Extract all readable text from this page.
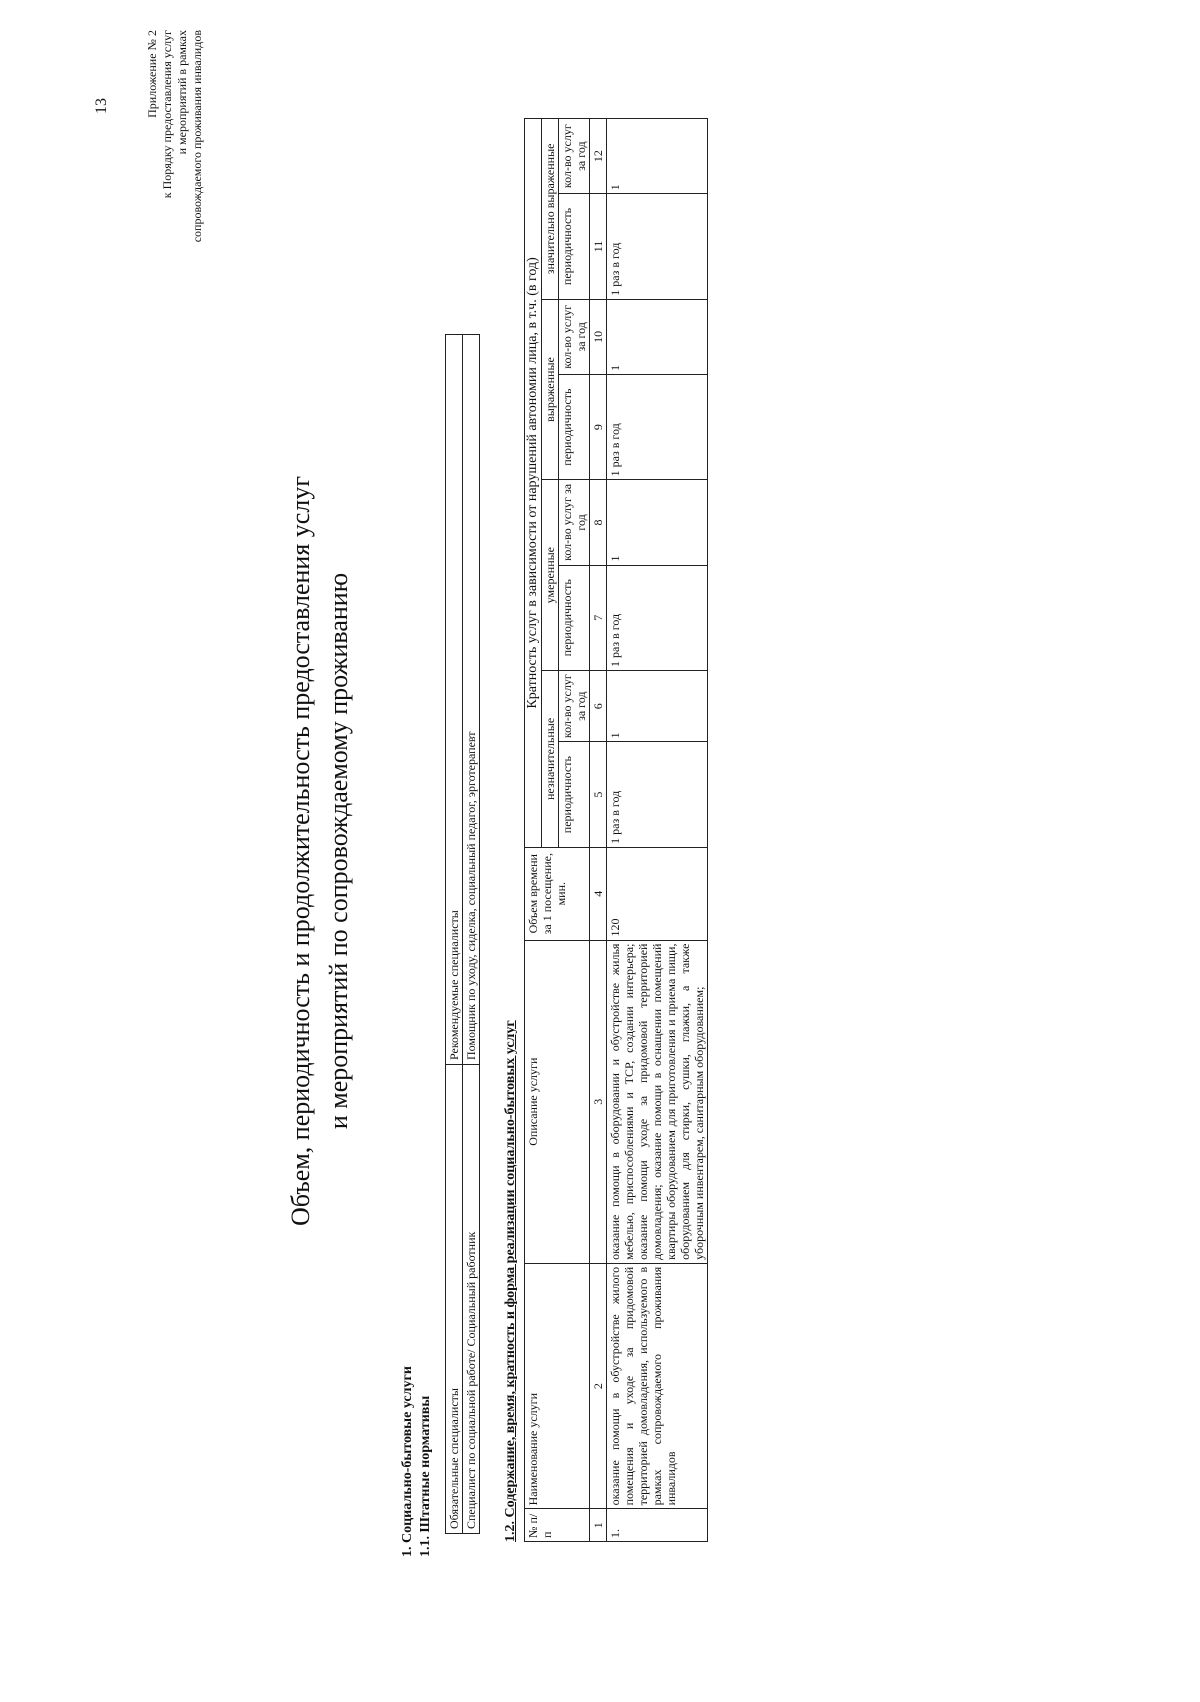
13	Приложение № 2 к Порядку предоставления услуг и мероприятий в рамках сопровождаемого проживания инвалидов
Объем, периодичность и продолжительность предоставления услуг и мероприятий по сопровождаемому проживанию
1. Социально-бытовые услуги 1.1. Штатные нормативы Обязательные специалисты	Рекомендуемые специалисты
Специалист по социальной работе/ Социальный работник	Помощник по уходу, сиделка, социальный педагог, эрготерапевт
1.2. Содержание, время, кратность и форма реализации социально-бытовых услуг № п/п	Наименование услуги	Описание услуги	Объем времени за 1 посещение, мин.	Кратность услуг в зависимости от нарушений автономии лица, в т.ч. (в год)							
				незначительные		умеренные		выраженные		значительно выраженные	
				периодичность	кол-во услуг за год	периодичность	кол-во услуг за год	периодичность	кол-во услуг за год	периодичность	кол-во услуг за год
1	2	3	4	5	6	7	8	9	10	11	12
1.	оказание помощи в обустройстве жилого помещения и уходе за придомовой территорией домовладения, используемого в рамках сопровождаемого проживания инвалидов	оказание помощи в оборудовании и обустройстве жилья мебелью, приспособлениями и ТСР, создании интерьера; оказание помощи уходе за придомовой территорией домовладения; оказание помощи в оснащении помещений квартиры оборудованием для приготовления и приема пищи, оборудованием для стирки, сушки, глажки, а также уборочным инвентарем, санитарным оборудованием;	120	1 раз в год	1	1 раз в год	1	1 раз в год	1	1 раз в год	1
